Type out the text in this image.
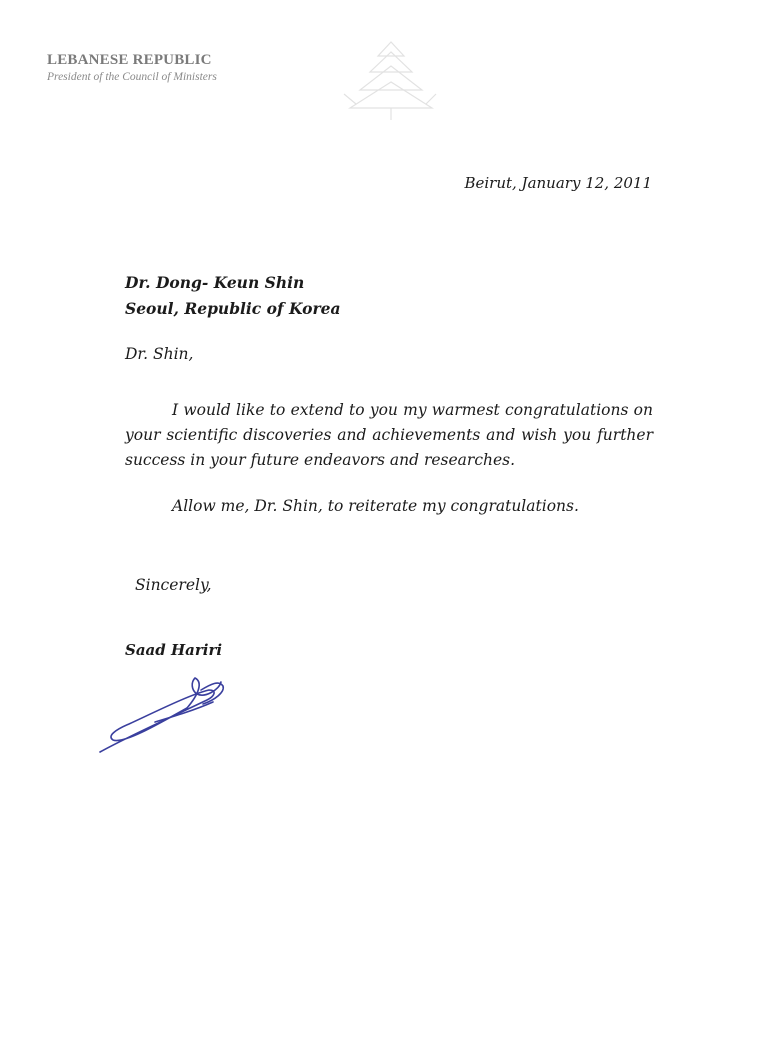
LEBANESE REPUBLIC
President of the Council of Ministers
Beirut, January 12, 2011
Dr. Dong- Keun Shin
Seoul, Republic of Korea
Dr. Shin,
I would like to extend to you my warmest congratulations on your scientific discoveries and achievements and wish you further success in your future endeavors and researches.
Allow me, Dr. Shin, to reiterate my congratulations.
Sincerely,
Saad Hariri
